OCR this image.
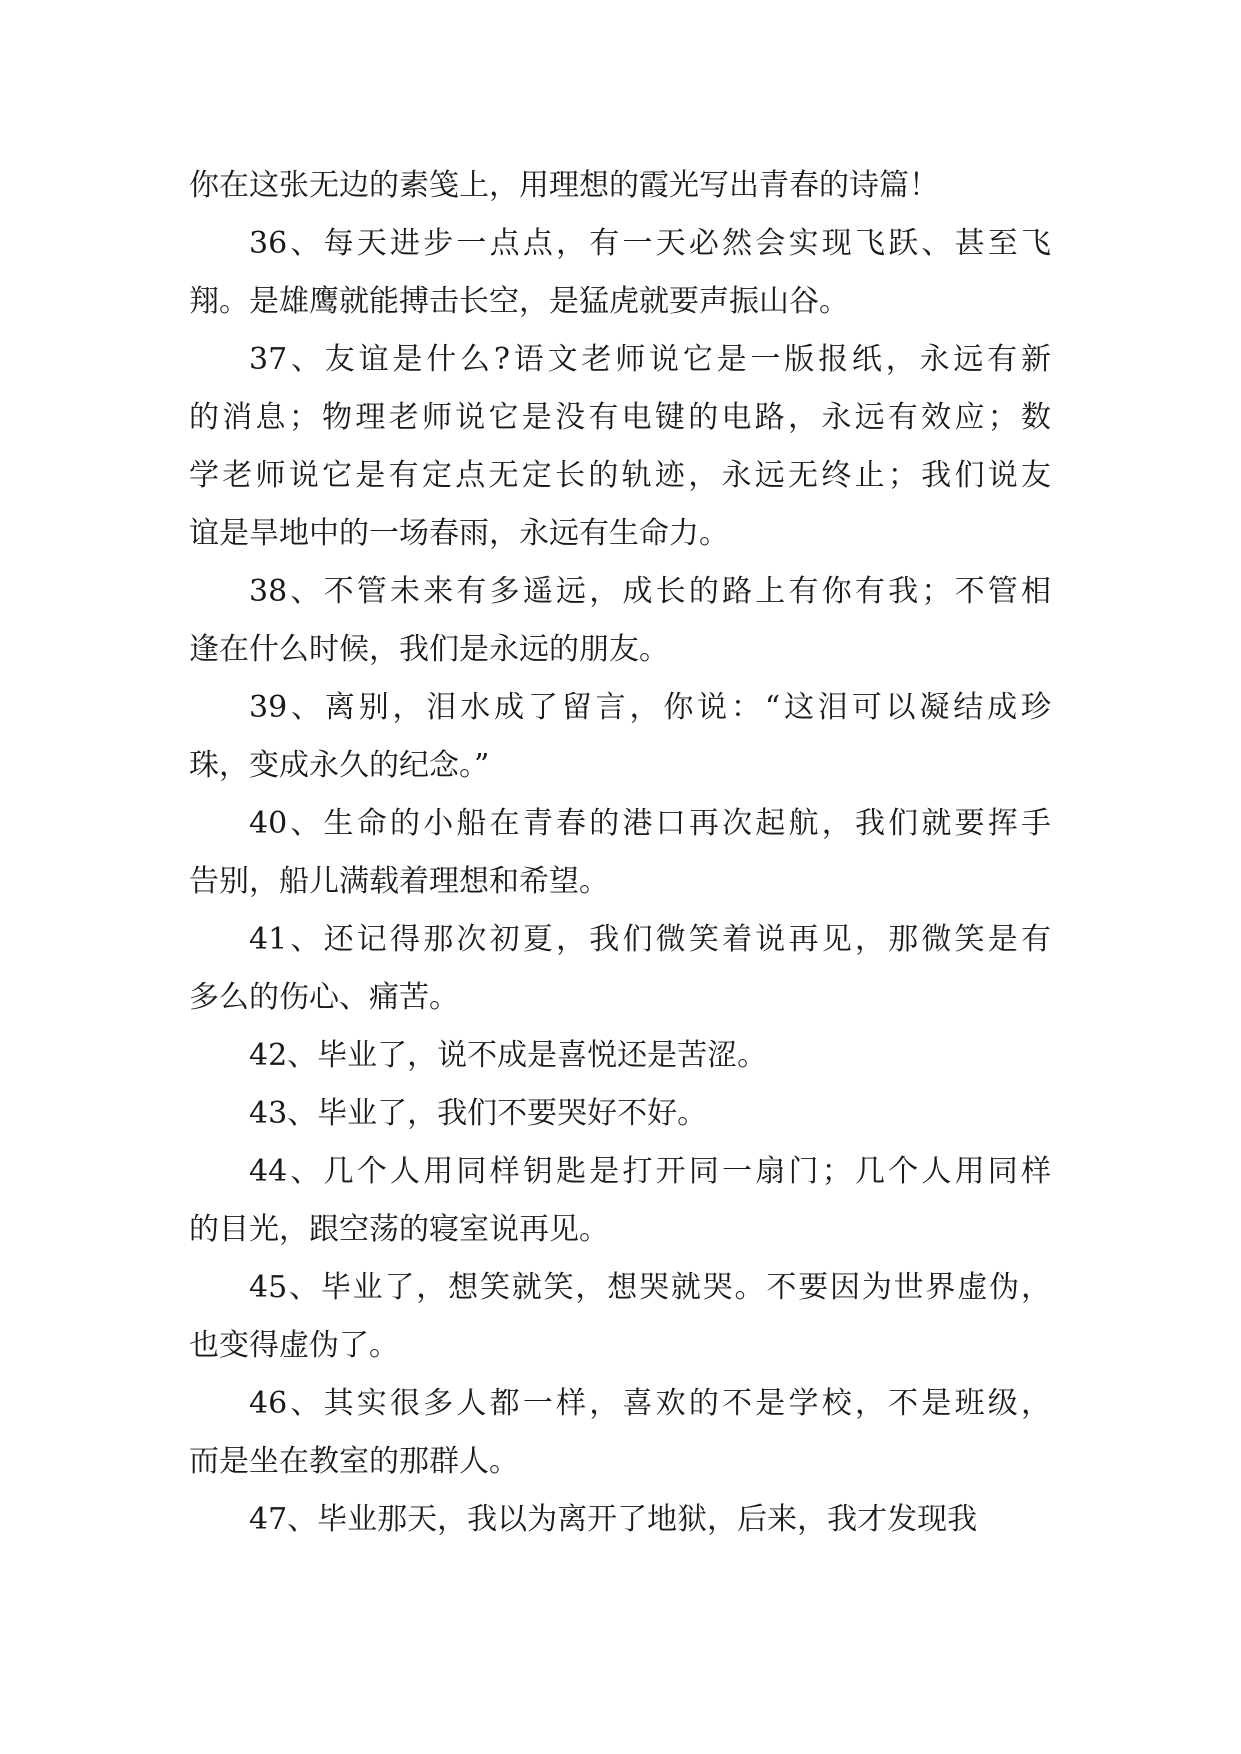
你在这张无边的素笺上，用理想的霞光写出青春的诗篇！
36、每天进步一点点，有一天必然会实现飞跃、甚至飞
翔。是雄鹰就能搏击长空，是猛虎就要声振山谷。
37、友谊是什么?语文老师说它是一版报纸，永远有新
的消息；物理老师说它是没有电键的电路，永远有效应；数
学老师说它是有定点无定长的轨迹，永远无终止；我们说友
谊是旱地中的一场春雨，永远有生命力。
38、不管未来有多遥远，成长的路上有你有我；不管相
逢在什么时候，我们是永远的朋友。
39、离别，泪水成了留言，你说：“这泪可以凝结成珍
珠，变成永久的纪念。”
40、生命的小船在青春的港口再次起航，我们就要挥手
告别，船儿满载着理想和希望。
41、还记得那次初夏，我们微笑着说再见，那微笑是有
多么的伤心、痛苦。
42、毕业了，说不成是喜悦还是苦涩。
43、毕业了，我们不要哭好不好。
44、几个人用同样钥匙是打开同一扇门；几个人用同样
的目光，跟空荡的寝室说再见。
45、毕业了，想笑就笑，想哭就哭。不要因为世界虚伪，
也变得虚伪了。
46、其实很多人都一样，喜欢的不是学校，不是班级，
而是坐在教室的那群人。
47、毕业那天，我以为离开了地狱，后来，我才发现我
